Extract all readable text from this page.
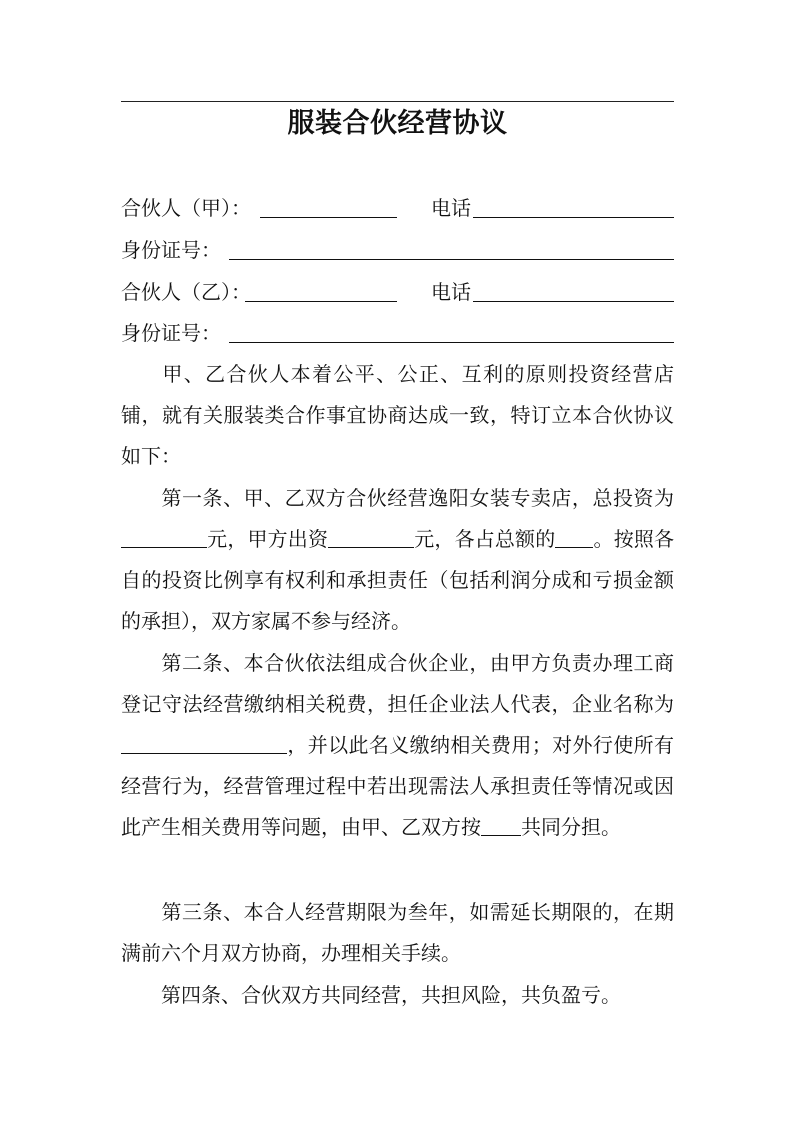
服装合伙经营协议
合伙人（甲）：	电话
身份证号：
合伙人（乙）：	电话
身份证号：
甲、乙合伙人本着公平、公正、互利的原则投资经营店铺，就有关服装类合作事宜协商达成一致，特订立本合伙协议如下：
第一条、甲、乙双方合伙经营逸阳女装专卖店，总投资为元，甲方出资	元，各占总额的 。按照各自的投资比例享有权利和承担责任（包括利润分成和亏损金额的承担），双方家属不参与经济。
第二条、本合伙依法组成合伙企业，由甲方负责办理工商登记守法经营缴纳相关税费，担任企业法人代表，企业名称为，并以此名义缴纳相关费用；对外行使所有经营行为，经营管理过程中若出现需法人承担责任等情况或因此产生相关费用等问题，由甲、乙双方按 共同分担。
第三条、本合人经营期限为叁年，如需延长期限的，在期满前六个月双方协商，办理相关手续。
第四条、合伙双方共同经营，共担风险，共负盈亏。
